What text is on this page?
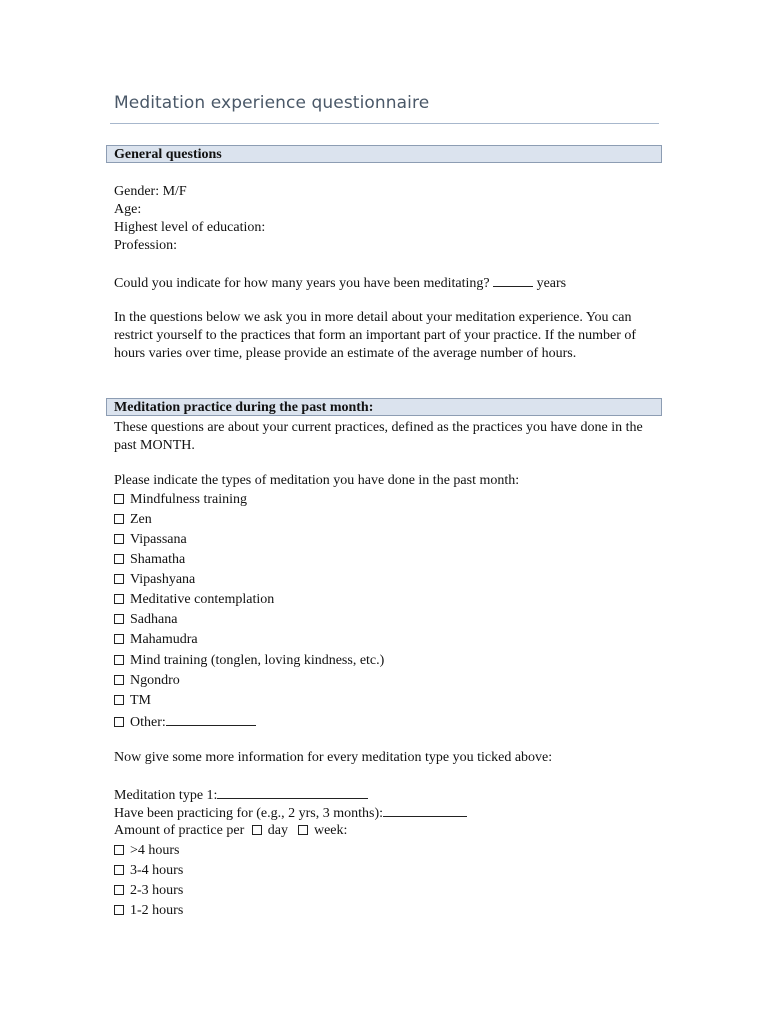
Meditation experience questionnaire
General questions
Gender: M/F
Age:
Highest level of education:
Profession:
Could you indicate for how many years you have been meditating?	years
In the questions below we ask you in more detail about your meditation experience. You can restrict yourself to the practices that form an important part of your practice. If the number of hours varies over time, please provide an estimate of the average number of hours.
Meditation practice during the past month:
These questions are about your current practices, defined as the practices you have done in the past MONTH.
Please indicate the types of meditation you have done in the past month:
Mindfulness training
Zen
Vipassana
Shamatha
Vipashyana
Meditative contemplation
Sadhana
Mahamudra
Mind training (tonglen, loving kindness, etc.)
Ngondro
TM
Other:
Now give some more information for every meditation type you ticked above:
Meditation type 1:
Have been practicing for (e.g., 2 yrs, 3 months):
Amount of practice per day week:
>4 hours
3-4 hours
2-3 hours
1-2 hours
